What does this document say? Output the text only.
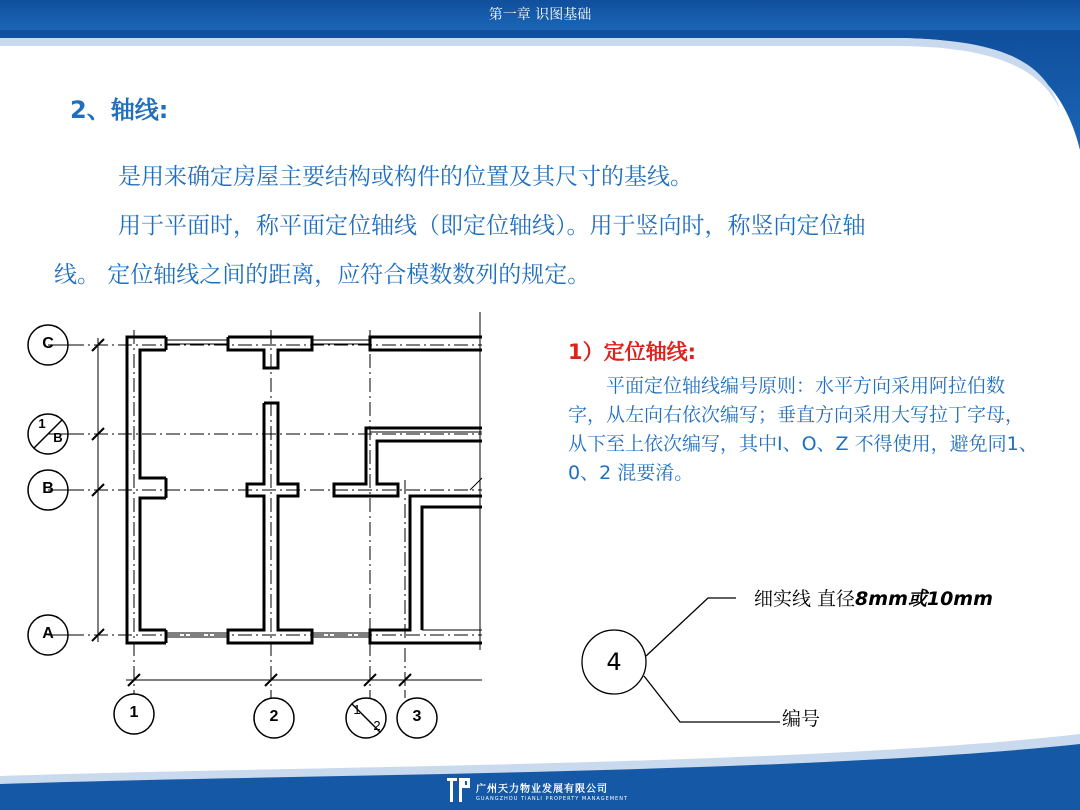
第一章 识图基础
2、轴线:
是用来确定房屋主要结构或构件的位置及其尺寸的基线。
用于平面时，称平面定位轴线（即定位轴线）。用于竖向时，称竖向定位轴
线。 定位轴线之间的距离，应符合模数数列的规定。
C
B
A
1
B
1	2	3
1
2
1）定位轴线:
　　平面定位轴线编号原则：水平方向采用阿拉伯数字，从左向右依次编写；垂直方向采用大写拉丁字母，从下至上依次编写，其中I、O、Z 不得使用，避免同1、0、2 混要淆。
4
细实线 直径8mm或10mm
编号
广州天力物业发展有限公司
GUANGZHOU TIANLI PROPERTY MANAGEMENT
